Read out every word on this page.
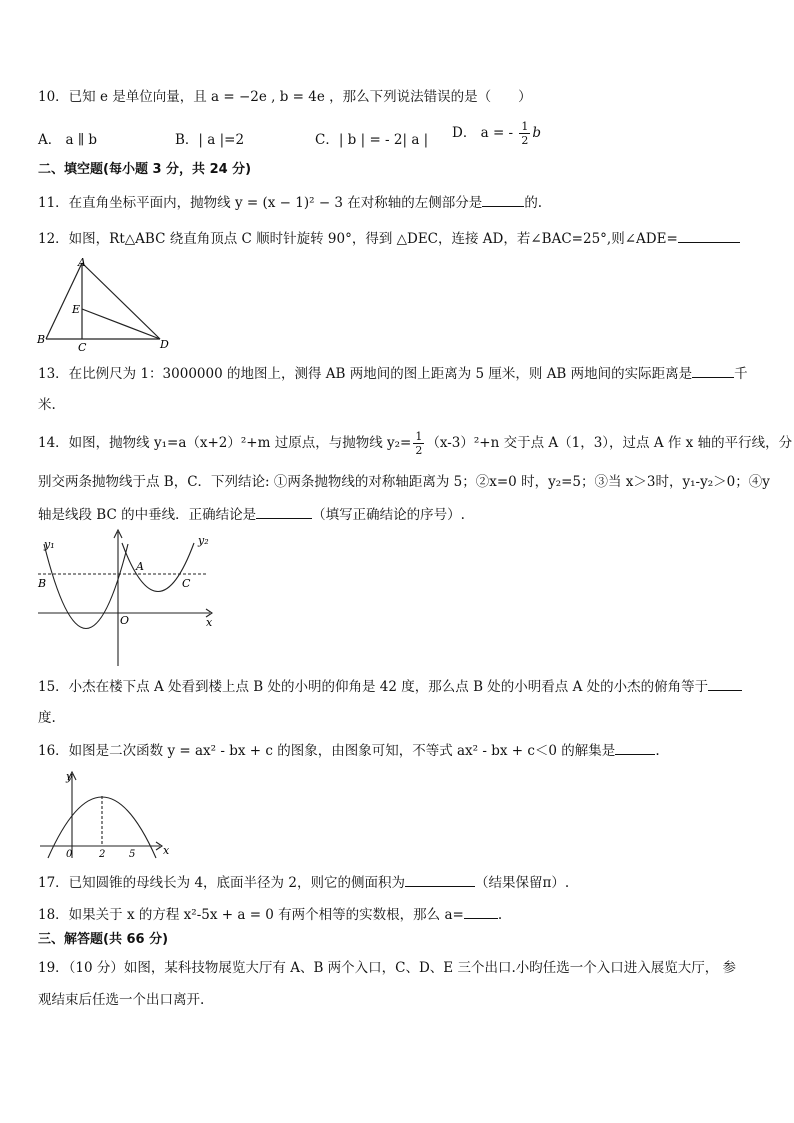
10．已知 e 是单位向量，且 a = −2e , b = 4e ，那么下列说法错误的是（　　）
A． a ∥ b	B．| a |=2	C．| b | = - 2| a | D． a = - $\frac{1}{2}$ b
二、填空题(每小题 3 分，共 24 分)
11．在直角坐标平面内，抛物线 y = (x − 1)² − 3 在对称轴的左侧部分是	的.
12．如图，Rt△ABC 绕直角顶点 C 顺时针旋转 90°，得到 △DEC，连接 AD，若∠BAC=25°,则∠ADE=
A
B
C	D
E
13．在比例尺为 1：3000000 的地图上，测得 AB 两地间的图上距离为 5 厘米，则 AB 两地间的实际距离是	千
米.
14．如图，抛物线 y₁=a（x+2）²+m 过原点，与抛物线 $y_2= \frac{1}{2} (x-3)^2+n$ 交于点 A（1，3），过点 A 作 x 轴的平行线，分
别交两条抛物线于点 B，C．下列结论: ①两条抛物线的对称轴距离为 5；②x=0 时，y₂=5；③当 x＞3时，y₁-y₂＞0；④y
轴是线段 BC 的中垂线．正确结论是	（填写正确结论的序号）.
y₁	y₂
A
B	C
O	x
15．小杰在楼下点 A 处看到楼上点 B 处的小明的仰角是 42 度，那么点 B 处的小明看点 A 处的小杰的俯角等于
度.
16．如图是二次函数 y = ax² - bx + c 的图象，由图象可知，不等式 ax² - bx + c＜0 的解集是	.
y
x
0	2 5
17．已知圆锥的母线长为 4，底面半径为 2，则它的侧面积为	（结果保留π）.
18．如果关于 x 的方程 x²-5x + a = 0 有两个相等的实数根，那么 a=	.
三、解答题(共 66 分)
19．（10 分）如图，某科技物展览大厅有 A、B 两个入口，C、D、E 三个出口.小昀任选一个入口进入展览大厅， 参
观结束后任选一个出口离开.
